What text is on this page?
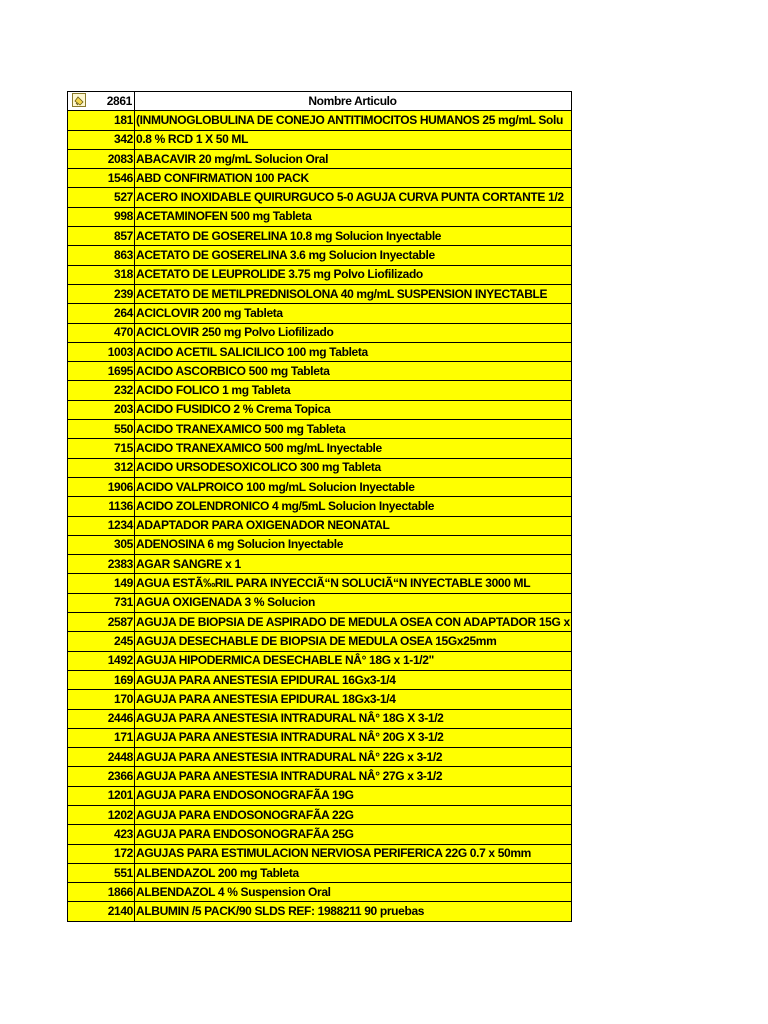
2861	Nombre Articulo
181	(INMUNOGLOBULINA DE CONEJO ANTITIMOCITOS HUMANOS 25 mg/mL Solu
342	0.8 % RCD 1 X 50 ML
2083	ABACAVIR 20 mg/mL Solucion Oral
1546	ABD CONFIRMATION 100 PACK
527	ACERO INOXIDABLE QUIRURGUCO 5-0 AGUJA CURVA PUNTA CORTANTE 1/2
998	ACETAMINOFEN 500 mg Tableta
857	ACETATO DE GOSERELINA 10.8 mg Solucion Inyectable
863	ACETATO DE GOSERELINA 3.6 mg Solucion Inyectable
318	ACETATO DE LEUPROLIDE 3.75 mg Polvo Liofilizado
239	ACETATO DE METILPREDNISOLONA 40 mg/mL SUSPENSION INYECTABLE
264	ACICLOVIR 200 mg Tableta
470	ACICLOVIR 250 mg Polvo Liofilizado
1003	ACIDO ACETIL SALICILICO 100 mg Tableta
1695	ACIDO ASCORBICO 500 mg Tableta
232	ACIDO FOLICO 1 mg Tableta
203	ACIDO FUSIDICO 2 % Crema Topica
550	ACIDO TRANEXAMICO 500 mg Tableta
715	ACIDO TRANEXAMICO 500 mg/mL Inyectable
312	ACIDO URSODESOXICOLICO 300 mg Tableta
1906	ACIDO VALPROICO 100 mg/mL Solucion Inyectable
1136	ACIDO ZOLENDRONICO 4 mg/5mL Solucion Inyectable
1234	ADAPTADOR PARA OXIGENADOR NEONATAL
305	ADENOSINA 6 mg Solucion Inyectable
2383	AGAR SANGRE x 1
149	AGUA ESTÃ‰RIL PARA INYECCIÃ“N SOLUCIÃ“N INYECTABLE 3000 ML
731	AGUA OXIGENADA 3 % Solucion
2587	AGUJA DE BIOPSIA DE ASPIRADO DE MEDULA OSEA CON ADAPTADOR 15G x
245	AGUJA DESECHABLE DE BIOPSIA DE MEDULA OSEA 15Gx25mm
1492	AGUJA HIPODERMICA DESECHABLE NÂ° 18G x 1-1/2"
169	AGUJA PARA ANESTESIA EPIDURAL 16Gx3-1/4
170	AGUJA PARA ANESTESIA EPIDURAL 18Gx3-1/4
2446	AGUJA PARA ANESTESIA INTRADURAL NÂ° 18G X 3-1/2
171	AGUJA PARA ANESTESIA INTRADURAL NÂ° 20G X 3-1/2
2448	AGUJA PARA ANESTESIA INTRADURAL NÂ° 22G x 3-1/2
2366	AGUJA PARA ANESTESIA INTRADURAL NÂ° 27G x 3-1/2
1201	AGUJA PARA ENDOSONOGRAFÃA 19G
1202	AGUJA PARA ENDOSONOGRAFÃA 22G
423	AGUJA PARA ENDOSONOGRAFÃA 25G
172	AGUJAS PARA ESTIMULACION NERVIOSA PERIFERICA 22G 0.7 x 50mm
551	ALBENDAZOL 200 mg Tableta
1866	ALBENDAZOL 4 % Suspension Oral
2140	ALBUMIN /5 PACK/90 SLDS REF: 1988211 90 pruebas
